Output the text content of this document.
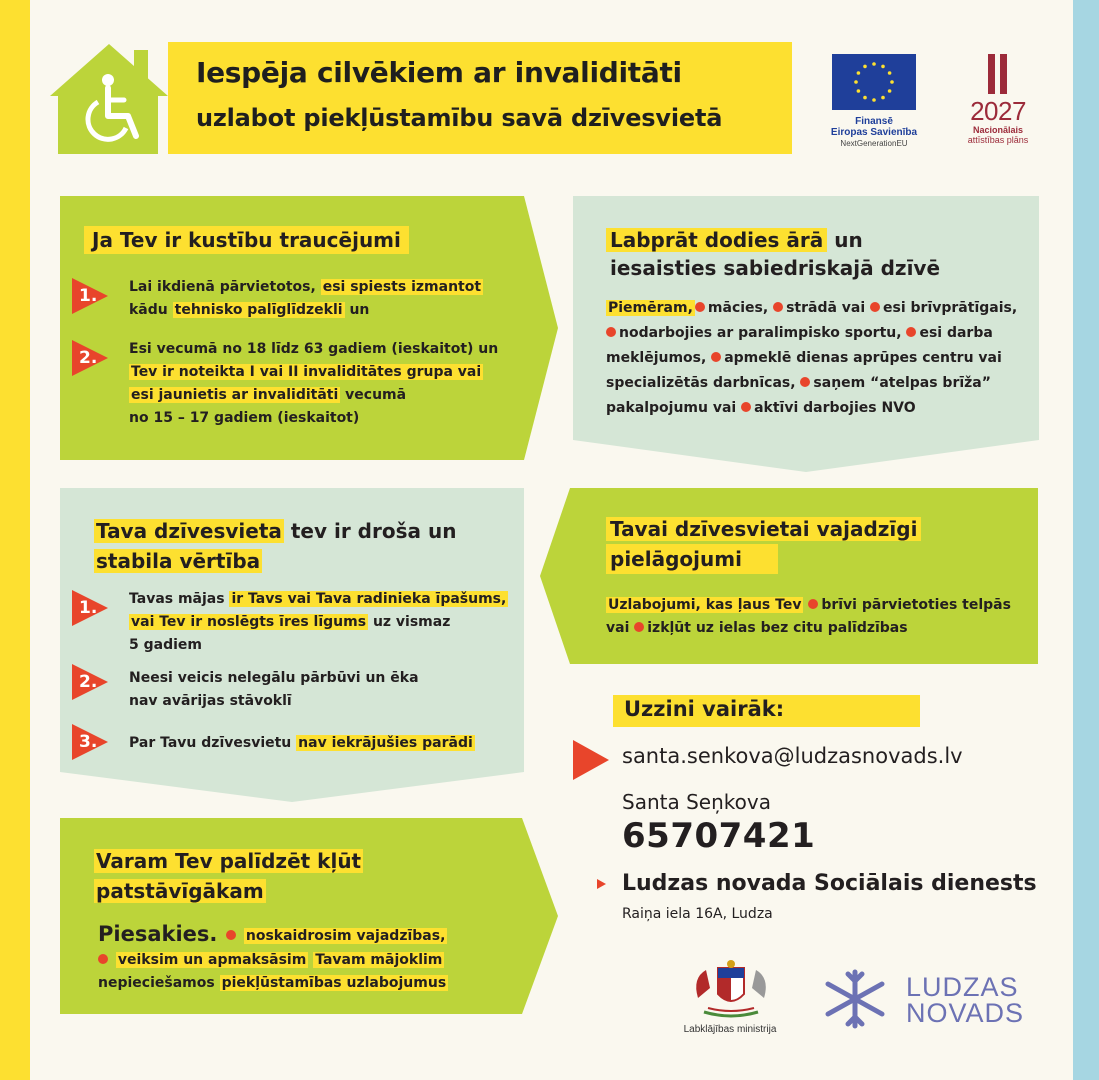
Iespēja cilvēkiem ar invaliditāti
uzlabot piekļūstamību savā dzīvesvietā	Finansē
Eiropas Savienība
NextGenerationEU
2027
Nacionālais
attīstības plāns
Ja Tev ir kustību traucējumi
1. Lai ikdienā pārvietotos, esi spiests izmantot
kādu tehnisko palīglīdzekli un
2. Esi vecumā no 18 līdz 63 gadiem (ieskaitot) un
Tev ir noteikta I vai II invaliditātes grupa vai
esi jaunietis ar invaliditāti vecumā
no 15 – 17 gadiem (ieskaitot)
Labprāt dodies ārā un
iesaisties sabiedriskajā dzīvē
Piemēram, mācies, strādā vai esi brīvprātīgais, nodarbojies ar paralimpisko sportu, esi darba meklējumos, apmeklē dienas aprūpes centru vai specializētās darbnīcas, saņem “atelpas brīža” pakalpojumu vai aktīvi darbojies NVO
Tava dzīvesvieta tev ir droša un
stabila vērtība
1. Tavas mājas ir Tavs vai Tava radinieka īpašums,
vai Tev ir noslēgts īres līgums uz vismaz
5 gadiem
2. Neesi veicis nelegālu pārbūvi un ēka
nav avārijas stāvoklī
3. Par Tavu dzīvesvietu nav iekrājušies parādi
Tavai dzīvesvietai vajadzīgi
pielāgojumi
Uzlabojumi, kas ļaus Tev brīvi pārvietoties telpās
vai izkļūt uz ielas bez citu palīdzības
Varam Tev palīdzēt kļūt
patstāvīgākam
Piesakies.	noskaidrosim vajadzības,
veiksim un apmaksāsim Tavam mājoklim
nepieciešamos piekļūstamības uzlabojumus
Uzzini vairāk:
santa.senkova@ludzasnovads.lv
Santa Seņkova
65707421
Ludzas novada Sociālais dienests
Raiņa iela 16A, Ludza
Labklājības ministrija
LUDZAS
NOVADS
